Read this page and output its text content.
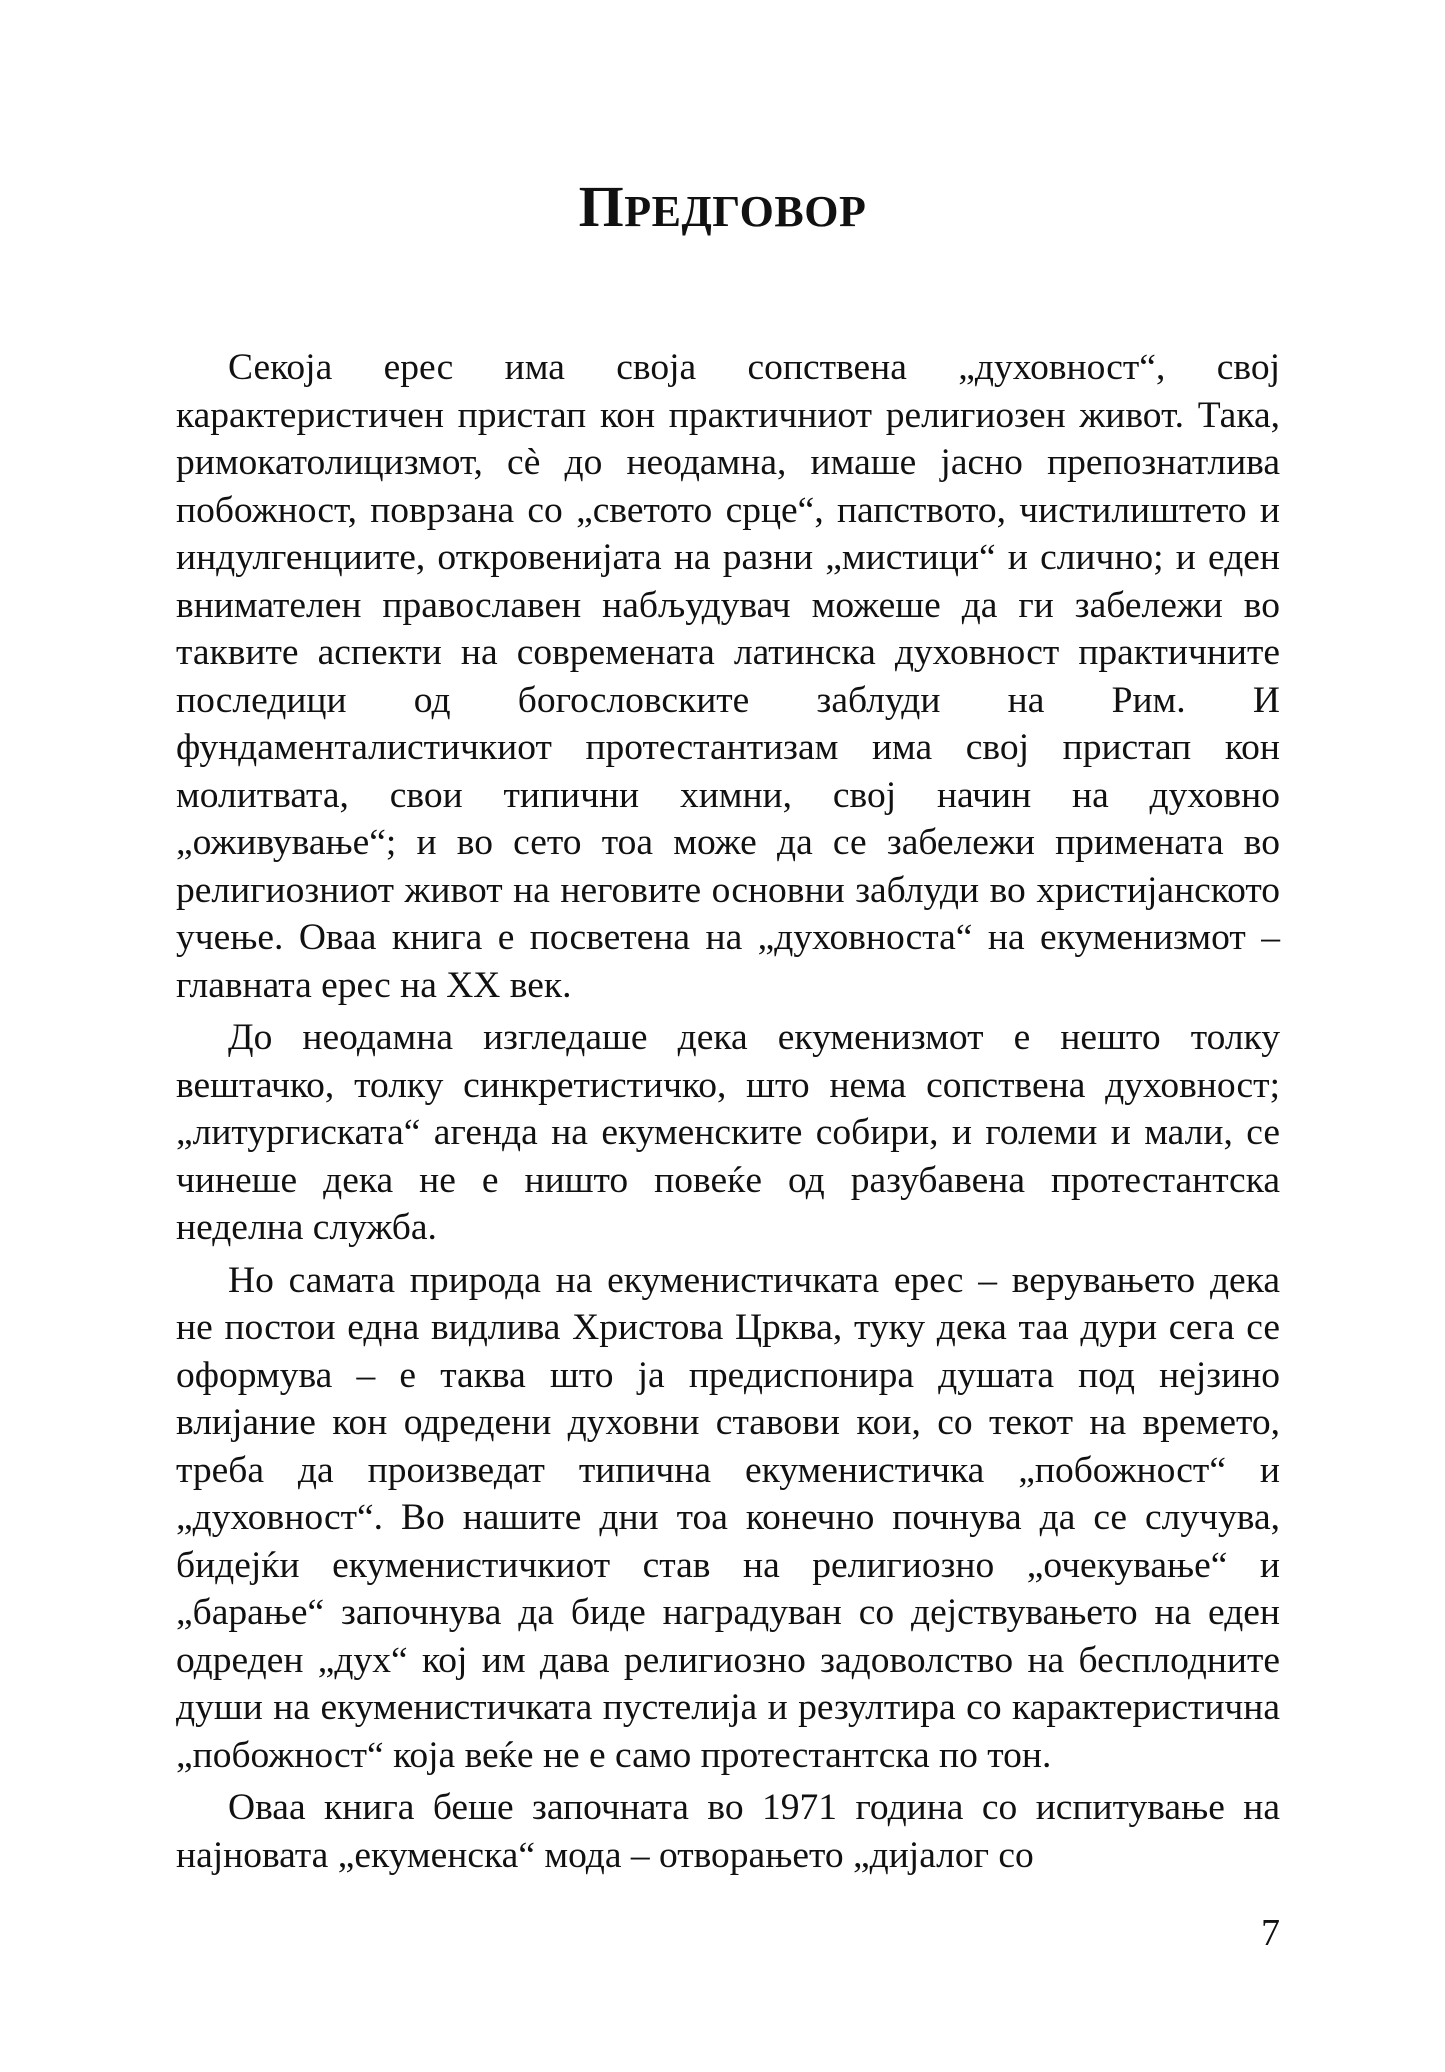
ПРЕДГОВОР

Секоја ерес има своја сопствена „духовност“, свој карактеристичен пристап кон практичниот религиозен живот. Така, римокатолицизмот, сè до неодамна, имаше јасно препознатлива побожност, поврзана со „светото срце“, папството, чистилиштето и индулгенциите, откровенијата на разни „мистици“ и слично; и еден внимателен православен набљудувач можеше да ги забележи во таквите аспекти на современата латинска духовност практичните последици од богословските заблуди на Рим. И фундаменталистичкиот протестантизам има свој пристап кон молитвата, свои типични химни, свој начин на духовно „оживување“; и во сето тоа може да се забележи примената во религиозниот живот на неговите основни заблуди во христијанското учење. Оваа книга е посветена на „духовноста“ на екуменизмот – главната ерес на XX век.

До неодамна изгледаше дека екуменизмот е нешто толку вештачко, толку синкретистичко, што нема сопствена духовност; „литургиската“ агенда на екуменските собири, и големи и мали, се чинеше дека не е ништо повеќе од разубавена протестантска неделна служба.

Но самата природа на екуменистичката ерес – верувањето дека не постои една видлива Христова Црква, туку дека таа дури сега се оформува – е таква што ја предиспонира душата под нејзино влијание кон одредени духовни ставови кои, со текот на времето, треба да произведат типична екуменистичка „побожност“ и „духовност“. Во нашите дни тоа конечно почнува да се случува, бидејќи екуменистичкиот став на религиозно „очекување“ и „барање“ започнува да биде наградуван со дејствувањето на еден одреден „дух“ кој им дава религиозно задоволство на бесплодните души на екуменистичката пустелија и резултира со карактеристична „побожност“ која веќе не е само протестантска по тон.

Оваа книга беше започната во 1971 година со испитување на најновата „екуменска“ мода – отворањето „дијалог со

7
